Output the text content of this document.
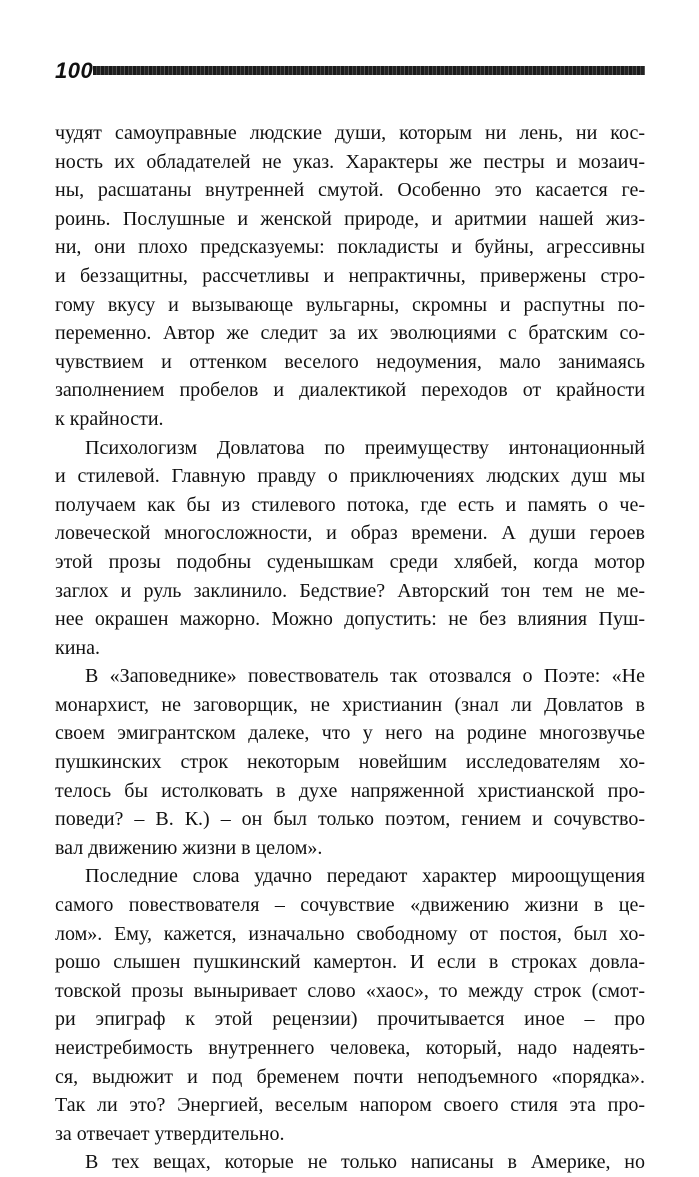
100
чудят самоуправные людские души, которым ни лень, ни кос-
ность их обладателей не указ. Характеры же пестры и мозаич-
ны, расшатаны внутренней смутой. Особенно это касается ге-
роинь. Послушные и женской природе, и аритмии нашей жиз-
ни, они плохо предсказуемы: покладисты и буйны, агрессивны
и беззащитны, рассчетливы и непрактичны, привержены стро-
гому вкусу и вызывающе вульгарны, скромны и распутны по-
переменно. Автор же следит за их эволюциями с братским со-
чувствием и оттенком веселого недоумения, мало занимаясь
заполнением пробелов и диалектикой переходов от крайности
к крайности.
Психологизм Довлатова по преимуществу интонационный
и стилевой. Главную правду о приключениях людских душ мы
получаем как бы из стилевого потока, где есть и память о че-
ловеческой многосложности, и образ времени. А души героев
этой прозы подобны суденышкам среди хлябей, когда мотор
заглох и руль заклинило. Бедствие? Авторский тон тем не ме-
нее окрашен мажорно. Можно допустить: не без влияния Пуш-
кина.
В «Заповеднике» повествователь так отозвался о Поэте: «Не
монархист, не заговорщик, не христианин (знал ли Довлатов в
своем эмигрантском далеке, что у него на родине многозвучье
пушкинских строк некоторым новейшим исследователям хо-
телось бы истолковать в духе напряженной христианской про-
поведи? – В. К.) – он был только поэтом, гением и сочувство-
вал движению жизни в целом».
Последние слова удачно передают характер мироощущения
самого повествователя – сочувствие «движению жизни в це-
лом». Ему, кажется, изначально свободному от постоя, был хо-
рошо слышен пушкинский камертон. И если в строках довла-
товской прозы выныривает слово «хаос», то между строк (смот-
ри эпиграф к этой рецензии) прочитывается иное – про
неистребимость внутреннего человека, который, надо надеять-
ся, выдюжит и под бременем почти неподъемного «порядка».
Так ли это? Энергией, веселым напором своего стиля эта про-
за отвечает утвердительно.
В тех вещах, которые не только написаны в Америке, но
